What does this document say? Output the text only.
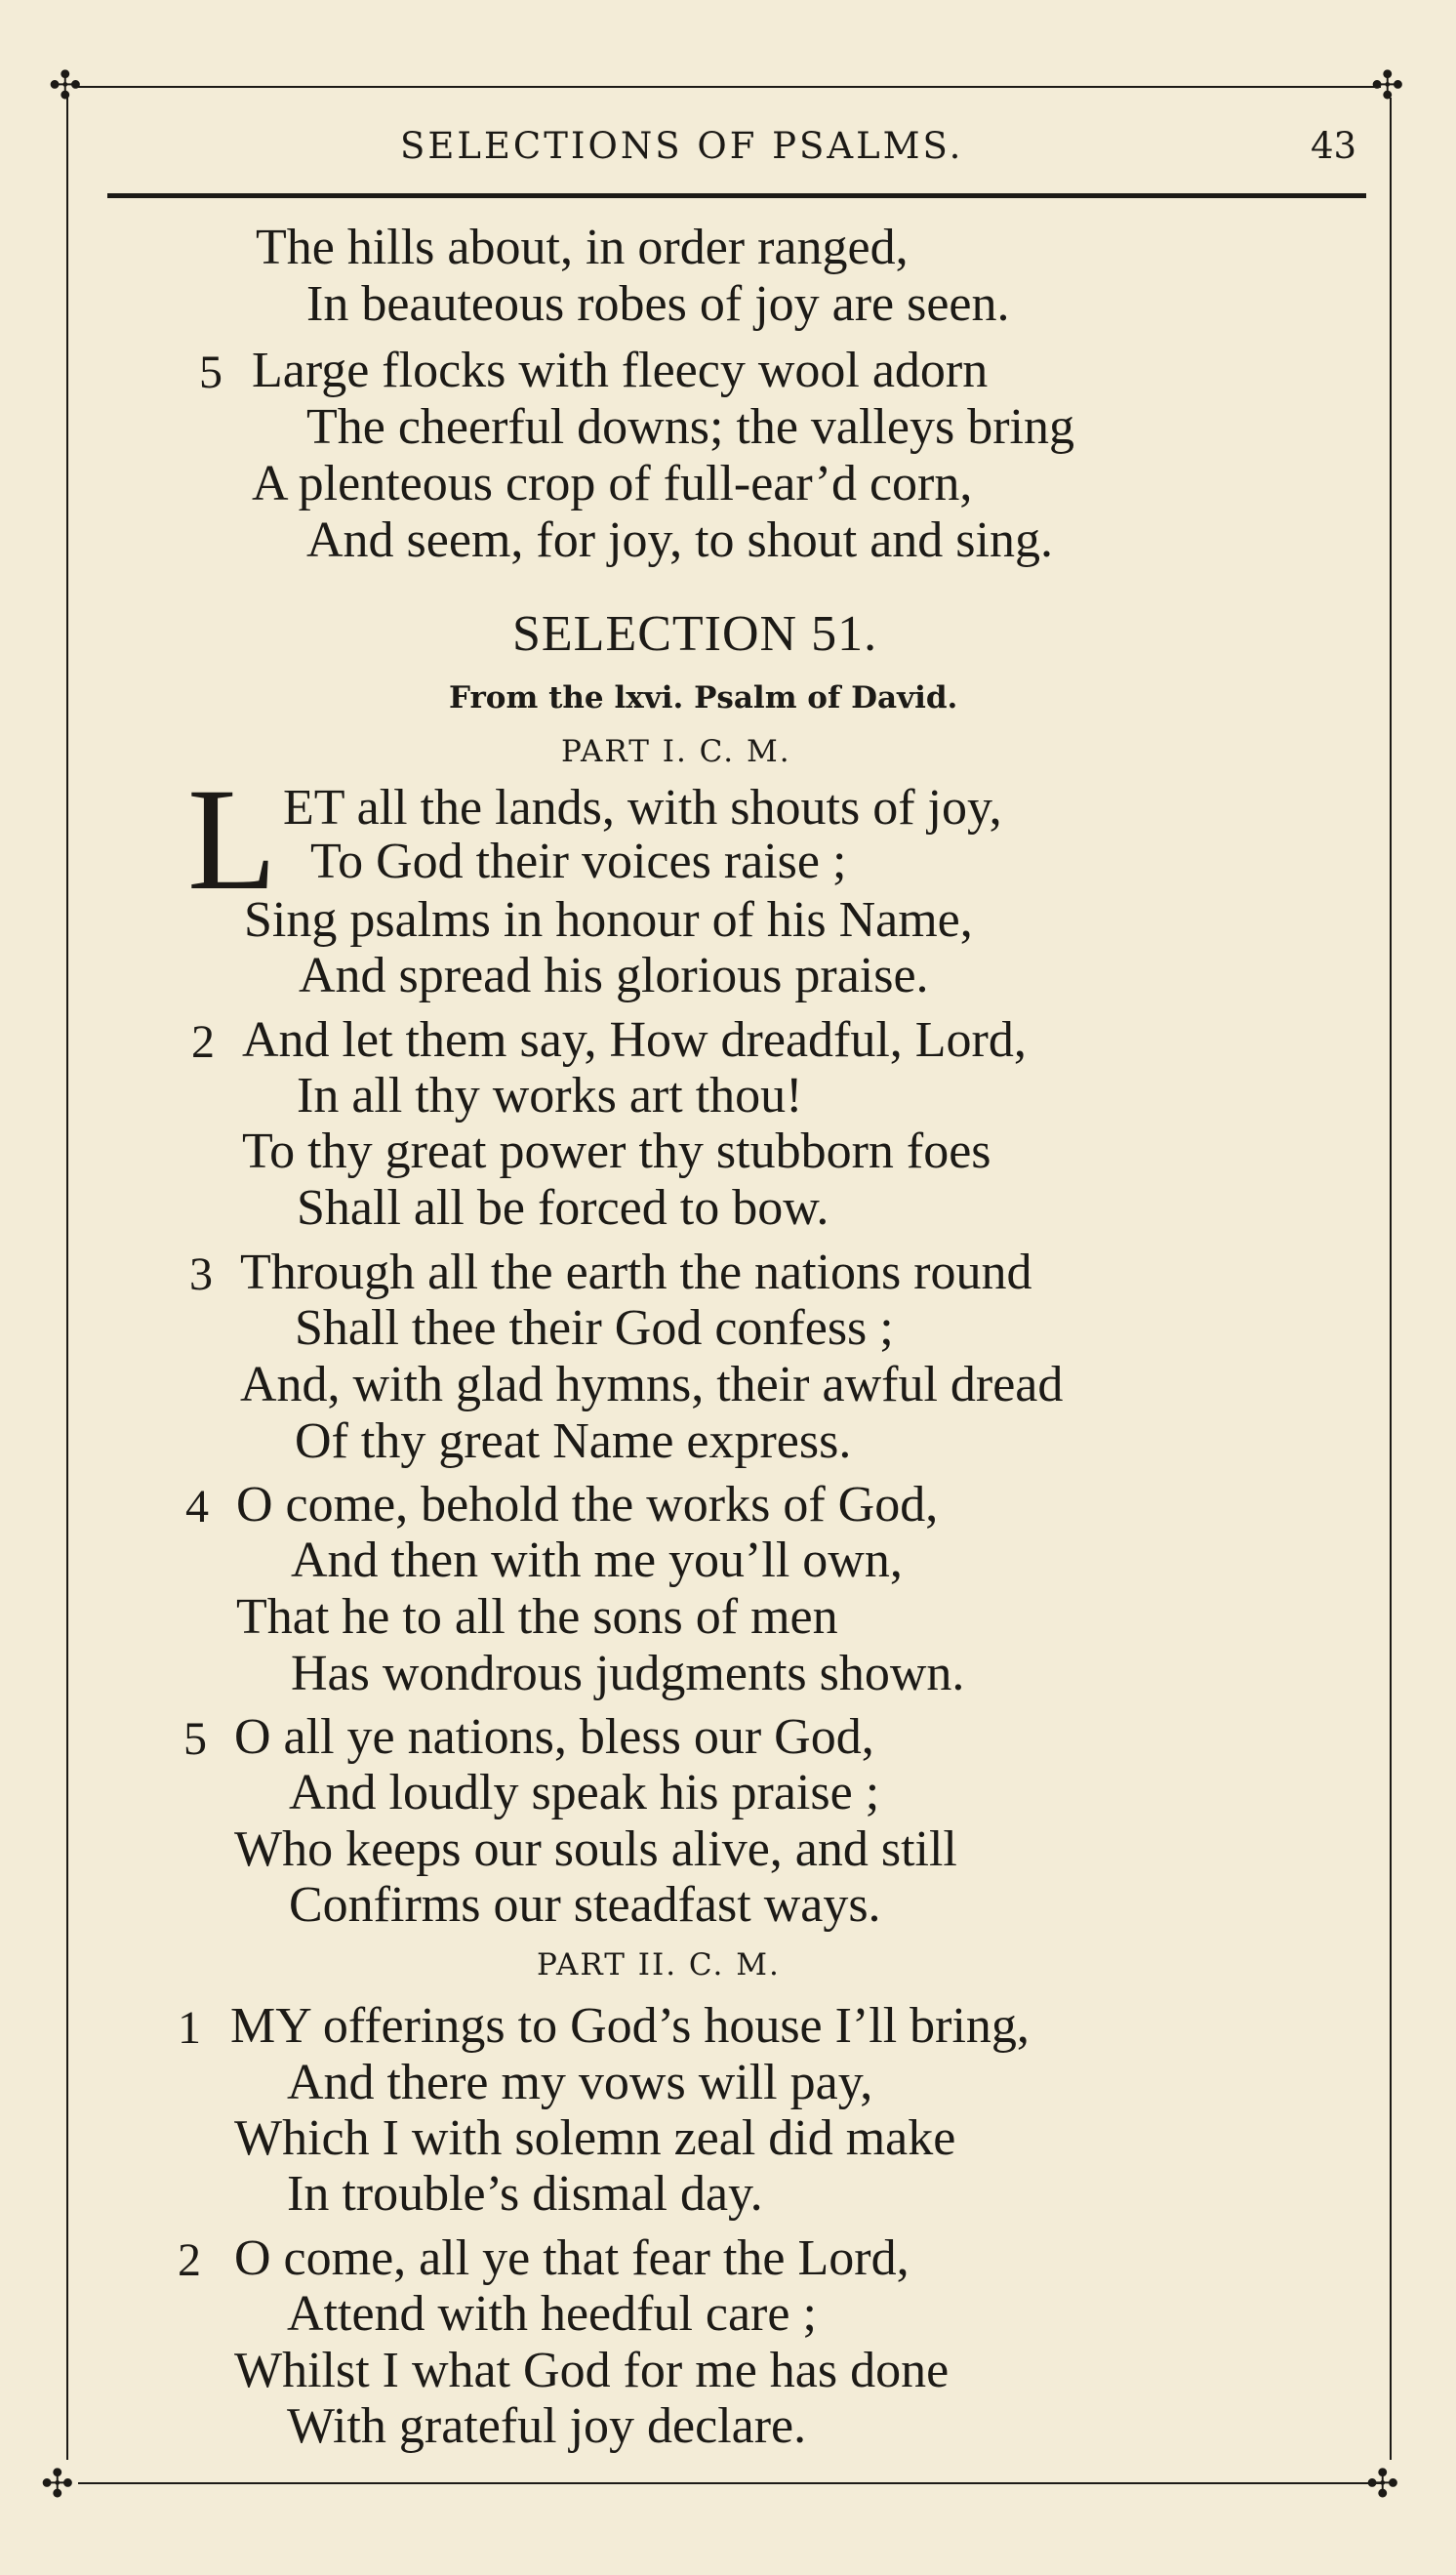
✣	✣
✣	✣
SELECTIONS OF PSALMS.	43
The hills about, in order ranged,
In beauteous robes of joy are seen.
5 Large flocks with fleecy wool adorn
The cheerful downs; the valleys bring
A plenteous crop of full-ear’d corn,
And seem, for joy, to shout and sing.
SELECTION 51.
From the lxvi. Psalm of David.
PART I. C. M.
L ET all the lands, with shouts of joy,
To God their voices raise ;
Sing psalms in honour of his Name,
And spread his glorious praise.
2 And let them say, How dreadful, Lord,
In all thy works art thou!
To thy great power thy stubborn foes
Shall all be forced to bow.
3 Through all the earth the nations round
Shall thee their God confess ;
And, with glad hymns, their awful dread
Of thy great Name express.
4 O come, behold the works of God,
And then with me you’ll own,
That he to all the sons of men
Has wondrous judgments shown.
5 O all ye nations, bless our God,
And loudly speak his praise ;
Who keeps our souls alive, and still
Confirms our steadfast ways.
PART II. C. M.
1 MY offerings to God’s house I’ll bring,
And there my vows will pay,
Which I with solemn zeal did make
In trouble’s dismal day.
2 O come, all ye that fear the Lord,
Attend with heedful care ;
Whilst I what God for me has done
With grateful joy declare.
